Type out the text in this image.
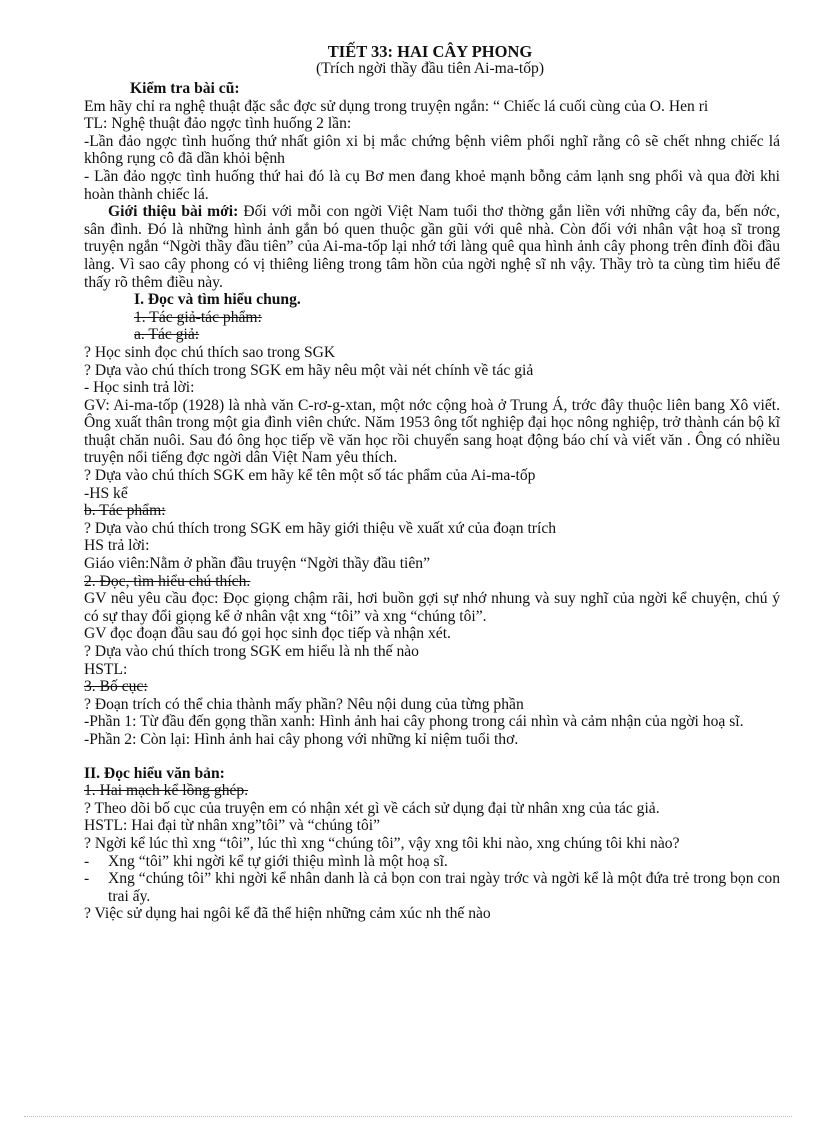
TIẾT 33: HAI CÂY PHONG
(Trích ngời thầy đầu tiên Ai-ma-tốp)

Kiểm tra bài cũ:

Em hãy chỉ ra nghệ thuật đặc sắc đợc sử dụng trong truyện ngắn: “ Chiếc lá cuối cùng của O. Hen ri

TL: Nghệ thuật đảo ngợc tình huống 2 lần:

-Lần đảo ngợc tình huống thứ nhất giôn xi bị mắc chứng bệnh viêm phổi nghĩ rằng cô sẽ chết nhng chiếc lá không rụng cô đã dần khỏi bệnh

- Lần đảo ngợc tình huống thứ hai đó là cụ Bơ men đang khoẻ mạnh bỗng cảm lạnh sng phổi và qua đời khi hoàn thành chiếc lá.

Giới thiệu bài mới: Đối với mỗi con ngời Việt Nam tuổi thơ thờng gắn liền với những cây đa, bến nớc, sân đình. Đó là những hình ảnh gắn bó quen thuộc gần gũi với quê nhà. Còn đối với nhân vật hoạ sĩ trong truyện ngắn “Ngời thầy đầu tiên” của Ai-ma-tốp lại nhớ tới làng quê qua hình ảnh cây phong trên đỉnh đồi đầu làng. Vì sao cây phong có vị thiêng liêng trong tâm hồn của ngời nghệ sĩ nh vậy. Thầy trò ta cùng tìm hiểu để thấy rõ thêm điều này.

I. Đọc và tìm hiểu chung.

1. Tác giả-tác phẩm:

a. Tác giả:

? Học sinh đọc chú thích sao trong SGK

? Dựa vào chú thích trong SGK em hãy nêu một vài nét chính về tác giả

- Học sinh trả lời:

GV: Ai-ma-tốp (1928) là nhà văn C-rơ-g-xtan, một nớc cộng hoà ở Trung Á, trớc đây thuộc liên bang Xô viết. Ông xuất thân trong một gia đình viên chức. Năm 1953 ông tốt nghiệp đại học nông nghiệp, trở thành cán bộ kĩ thuật chăn nuôi. Sau đó ông học tiếp về văn học rồi chuyển sang hoạt động báo chí và viết văn . Ông có nhiều truyện nổi tiếng đợc ngời dân Việt Nam yêu thích.

? Dựa vào chú thích SGK em hãy kể tên một số tác phẩm của Ai-ma-tốp

-HS kể

b. Tác phẩm:

? Dựa vào chú thích trong SGK em hãy giới thiệu về xuất xứ của đoạn trích

HS trả lời:

Giáo viên:Nằm ở phần đầu truyện “Ngời thầy đầu tiên”

2. Đọc, tìm hiểu chú thích.

GV nêu yêu cầu đọc: Đọc giọng chậm rãi, hơi buồn gợi sự nhớ nhung và suy nghĩ của ngời kể chuyện, chú ý có sự thay đổi giọng kể ở nhân vật xng “tôi” và xng “chúng tôi”.

GV đọc đoạn đầu sau đó gọi học sinh đọc tiếp và nhận xét.

? Dựa vào chú thích trong SGK em hiểu là nh thế nào

HSTL:

3. Bố cục:

? Đoạn trích có thể chia thành mấy phần? Nêu nội dung của từng phần

-Phần 1: Từ đầu đến gọng thần xanh: Hình ảnh hai cây phong trong cái nhìn và cảm nhận của ngời hoạ sĩ.

-Phần 2: Còn lại: Hình ảnh hai cây phong với những kỉ niệm tuổi thơ.

II. Đọc hiểu văn bản:

1. Hai mạch kể lồng ghép.

? Theo dõi bố cục của truyện em có nhận xét gì về cách sử dụng đại từ nhân xng của tác giả.

HSTL: Hai đại từ nhân xng”tôi” và “chúng tôi”

? Ngời kể lúc thì xng “tôi”, lúc thì xng “chúng tôi”, vậy xng tôi khi nào, xng chúng tôi khi nào?

-	Xng “tôi” khi ngời kể tự giới thiệu mình là một hoạ sĩ.
-	Xng “chúng tôi” khi ngời kể nhân danh là cả bọn con trai ngày trớc và ngời kể là một đứa trẻ trong bọn con trai ấy.

? Việc sử dụng hai ngôi kể đã thể hiện những cảm xúc nh thế nào
